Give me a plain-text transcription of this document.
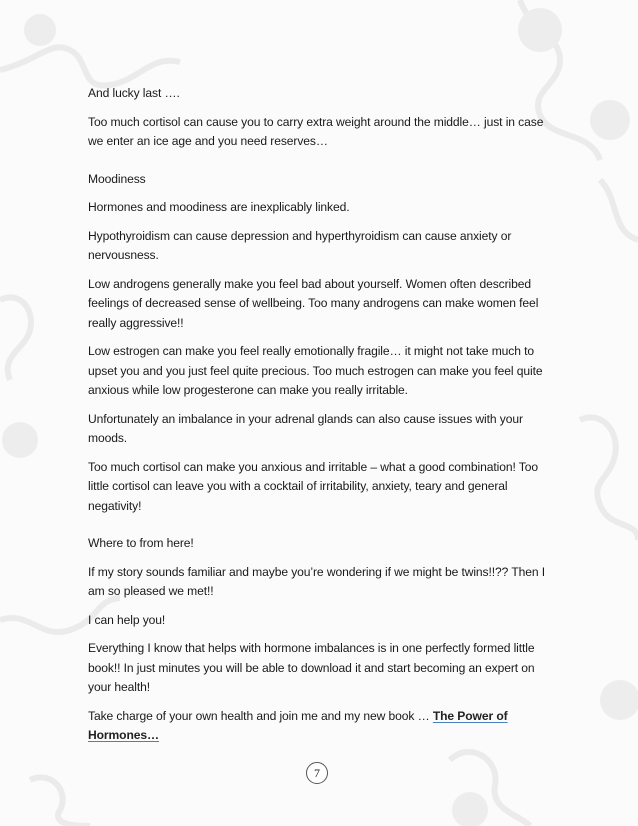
And lucky last ….

Too much cortisol can cause you to carry extra weight around the middle… just in case we enter an ice age and you need reserves…

Moodiness

Hormones and moodiness are inexplicably linked.

Hypothyroidism can cause depression and hyperthyroidism can cause anxiety or nervousness.

Low androgens generally make you feel bad about yourself. Women often described feelings of decreased sense of wellbeing. Too many androgens can make women feel really aggressive!!

Low estrogen can make you feel really emotionally fragile… it might not take much to upset you and you just feel quite precious. Too much estrogen can make you feel quite anxious while low progesterone can make you really irritable.

Unfortunately an imbalance in your adrenal glands can also cause issues with your moods.

Too much cortisol can make you anxious and irritable – what a good combination! Too little cortisol can leave you with a cocktail of irritability, anxiety, teary and general negativity!

Where to from here!

If my story sounds familiar and maybe you’re wondering if we might be twins!!?? Then I am so pleased we met!!

I can help you!

Everything I know that helps with hormone imbalances is in one perfectly formed little book!! In just minutes you will be able to download it and start becoming an expert on your health!

Take charge of your own health and join me and my new book … The Power of Hormones…

7
